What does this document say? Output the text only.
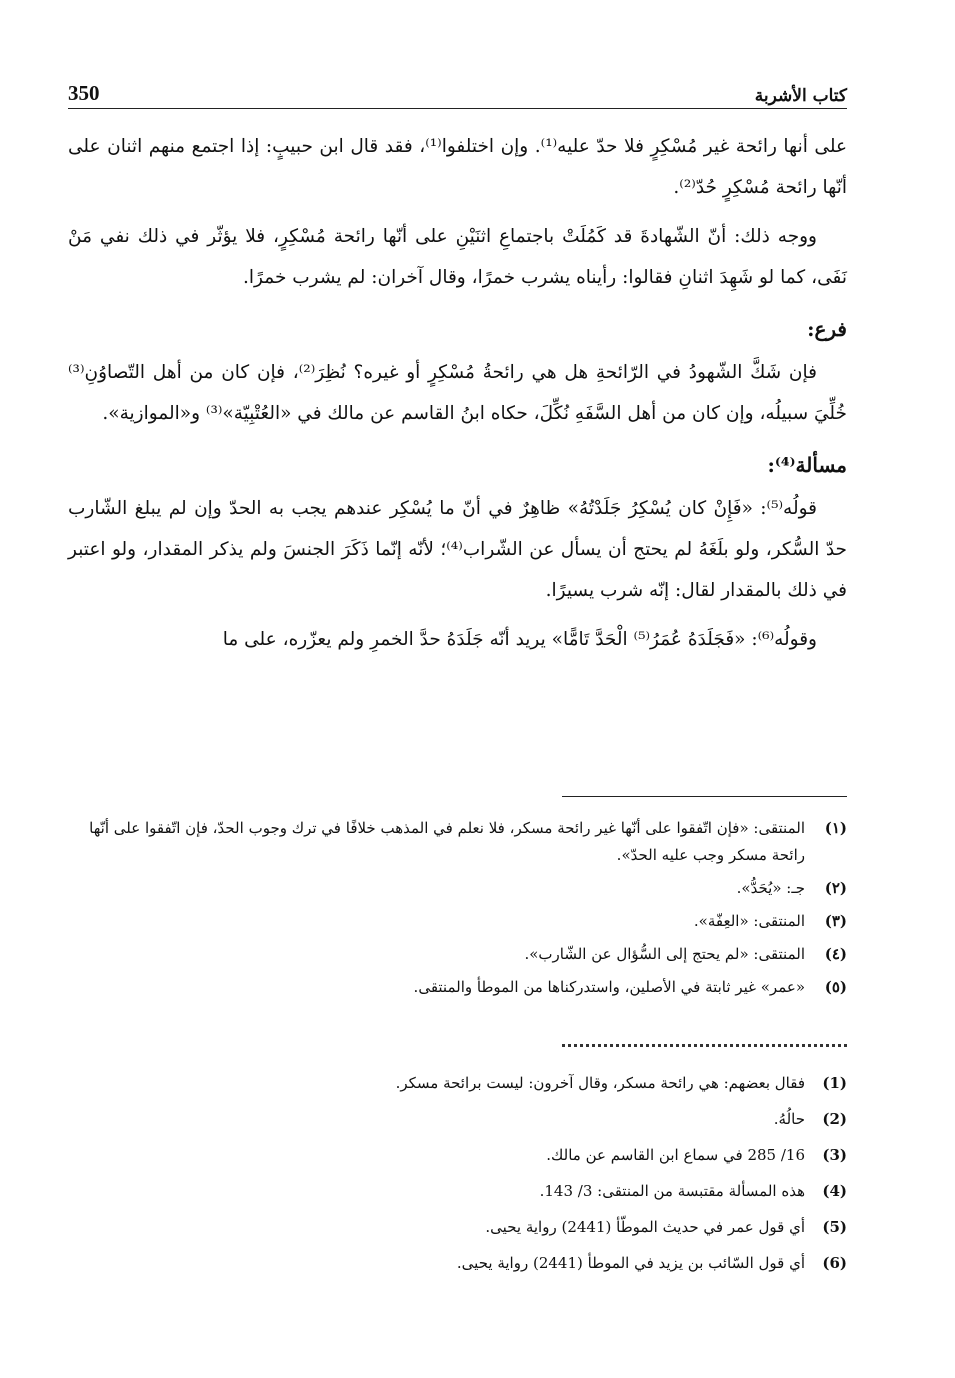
كتاب الأشربة
350

على أنها رائحة غير مُسْكِرٍ فلا حدّ عليه⁽¹⁾. وإن اختلفوا⁽¹⁾، فقد قال ابن حبيبٍ: إذا اجتمع منهم اثنان على أنّها رائحة مُسْكِرٍ حُدّ⁽²⁾.

ووجه ذلك: أنّ الشّهادةَ قد كَمُلَتْ باجتماعِ اثنَيْنِ على أنّها رائحة مُسْكِرٍ، فلا يؤثّر في ذلك نفي مَنْ نَفَى، كما لو شَهِدَ اثنانِ فقالوا: رأيناه يشرب خمرًا، وقال آخران: لم يشرب خمرًا.

فرع:

فإن شَكَّ الشّهودُ في الرّائحةِ هل هي رائحةُ مُسْكِرٍ أو غيره؟ نُظِرَ⁽²⁾، فإن كان من أهل التّصاوُنِ⁽³⁾ خُلِّيَ سبيلُه، وإن كان من أهل السَّفَهِ نُكِّلَ، حكاه ابنُ القاسم عن مالك في «العُتْبِيّة»⁽³⁾ و«الموازية».

مسألة⁽⁴⁾:

قولُه⁽⁵⁾: «فَإِنْ كان يُسْكِرُ جَلَدْتُهُ» ظاهِرٌ في أنّ ما يُسْكِر عندهم يجب به الحدّ وإن لم يبلغ الشّارب حدّ السُّكر، ولو بلَغَهُ لم يحتج أن يسأل عن الشّراب⁽⁴⁾؛ لأنّه إنّما ذَكَرَ الجنسَ ولم يذكر المقدار، ولو اعتبر في ذلك بالمقدار لقال: إنّه شرب يسيرًا.

وقولُه⁽⁶⁾: «فَجَلَدَهُ عُمَرُ⁽⁵⁾ الْحَدَّ تَامًّا» يريد أنّه جَلَدَهُ حدَّ الخمرِ ولم يعزّره، على ما

(١)
المنتقى: «فإن اتّفقوا على أنّها غير رائحة مسكر، فلا نعلم في المذهب خلافًا في ترك وجوب الحدّ، فإن اتّفقوا على أنّها رائحة مسكر وجب عليه الحدّ».
(٢)
جـ: «يُحَدُّ».
(٣)
المنتقى: «العِفّة».
(٤)
المنتقى: «لم يحتج إلى السُّؤال عن الشّارب».
(٥)
«عمر» غير ثابتة في الأصلين، واستدركناها من الموطأ والمنتقى.
(1)
فقال بعضهم: هي رائحة مسكر، وقال آخرون: ليست برائحة مسكر.
(2)
حالُهُ.
(3)
16/ 285 في سماع ابن القاسم عن مالك.
(4)
هذه المسألة مقتبسة من المنتقى: 3/ 143.
(5)
أي قول عمر في حديث الموطّأ (2441) رواية يحيى.
(6)
أي قول السّائب بن يزيد في الموطأ (2441) رواية يحيى.
